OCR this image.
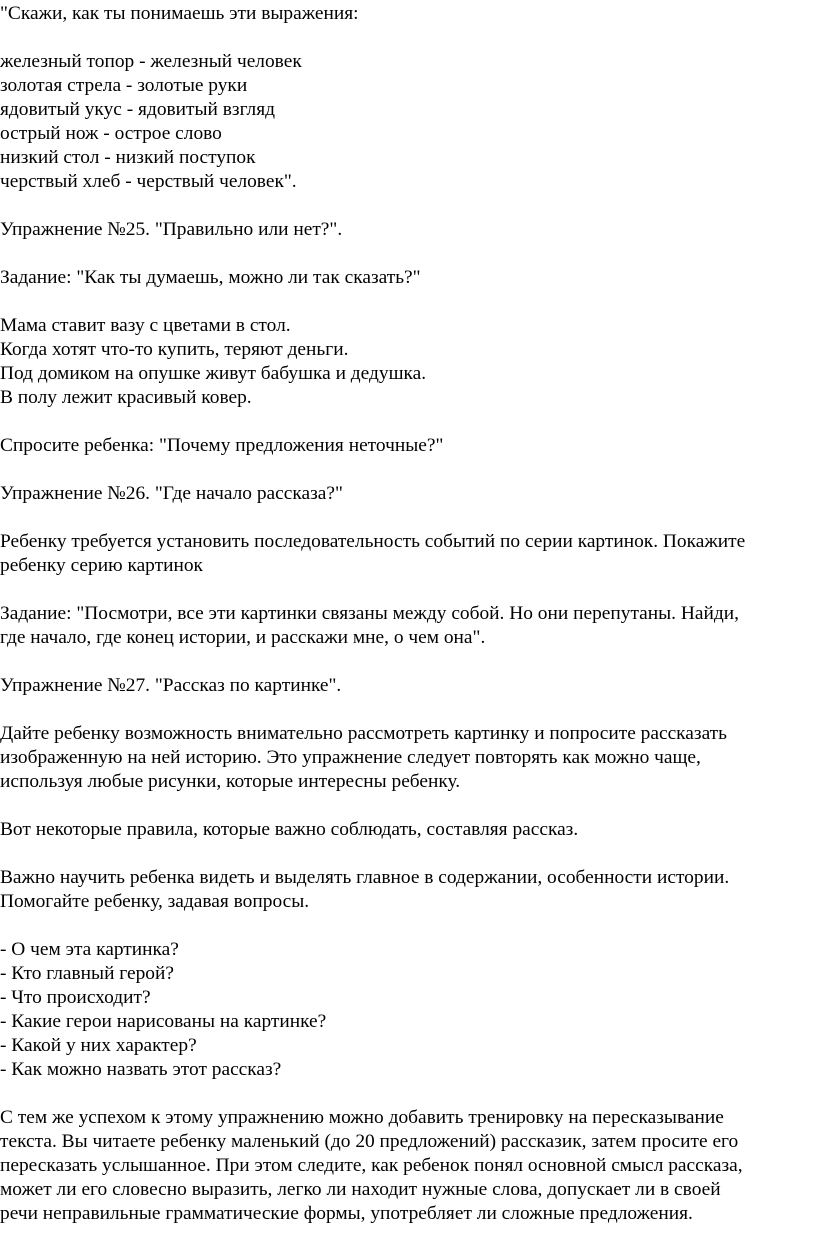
"Скажи, как ты понимаешь эти выражения:
железный топор - железный человек
золотая стрела - золотые руки
ядовитый укус - ядовитый взгляд
острый нож - острое слово
низкий стол - низкий поступок
черствый хлеб - черствый человек".
Упражнение №25. "Правильно или нет?".
Задание: "Как ты думаешь, можно ли так сказать?"
Мама ставит вазу с цветами в стол.
Когда хотят что-то купить, теряют деньги.
Под домиком на опушке живут бабушка и дедушка.
В полу лежит красивый ковер.
Спросите ребенка: "Почему предложения неточные?"
Упражнение №26. "Где начало рассказа?"
Ребенку требуется установить последовательность событий по серии картинок. Покажите
ребенку серию картинок
Задание: "Посмотри, все эти картинки связаны между собой. Но они перепутаны. Найди,
где начало, где конец истории, и расскажи мне, о чем она".
Упражнение №27. "Рассказ по картинке".
Дайте ребенку возможность внимательно рассмотреть картинку и попросите рассказать
изображенную на ней историю. Это упражнение следует повторять как можно чаще,
используя любые рисунки, которые интересны ребенку.
Вот некоторые правила, которые важно соблюдать, составляя рассказ.
Важно научить ребенка видеть и выделять главное в содержании, особенности истории.
Помогайте ребенку, задавая вопросы.
- О чем эта картинка?
- Кто главный герой?
- Что происходит?
- Какие герои нарисованы на картинке?
- Какой у них характер?
- Как можно назвать этот рассказ?
С тем же успехом к этому упражнению можно добавить тренировку на пересказывание
текста. Вы читаете ребенку маленький (до 20 предложений) рассказик, затем просите его
пересказать услышанное. При этом следите, как ребенок понял основной смысл рассказа,
может ли его словесно выразить, легко ли находит нужные слова, допускает ли в своей
речи неправильные грамматические формы, употребляет ли сложные предложения.
